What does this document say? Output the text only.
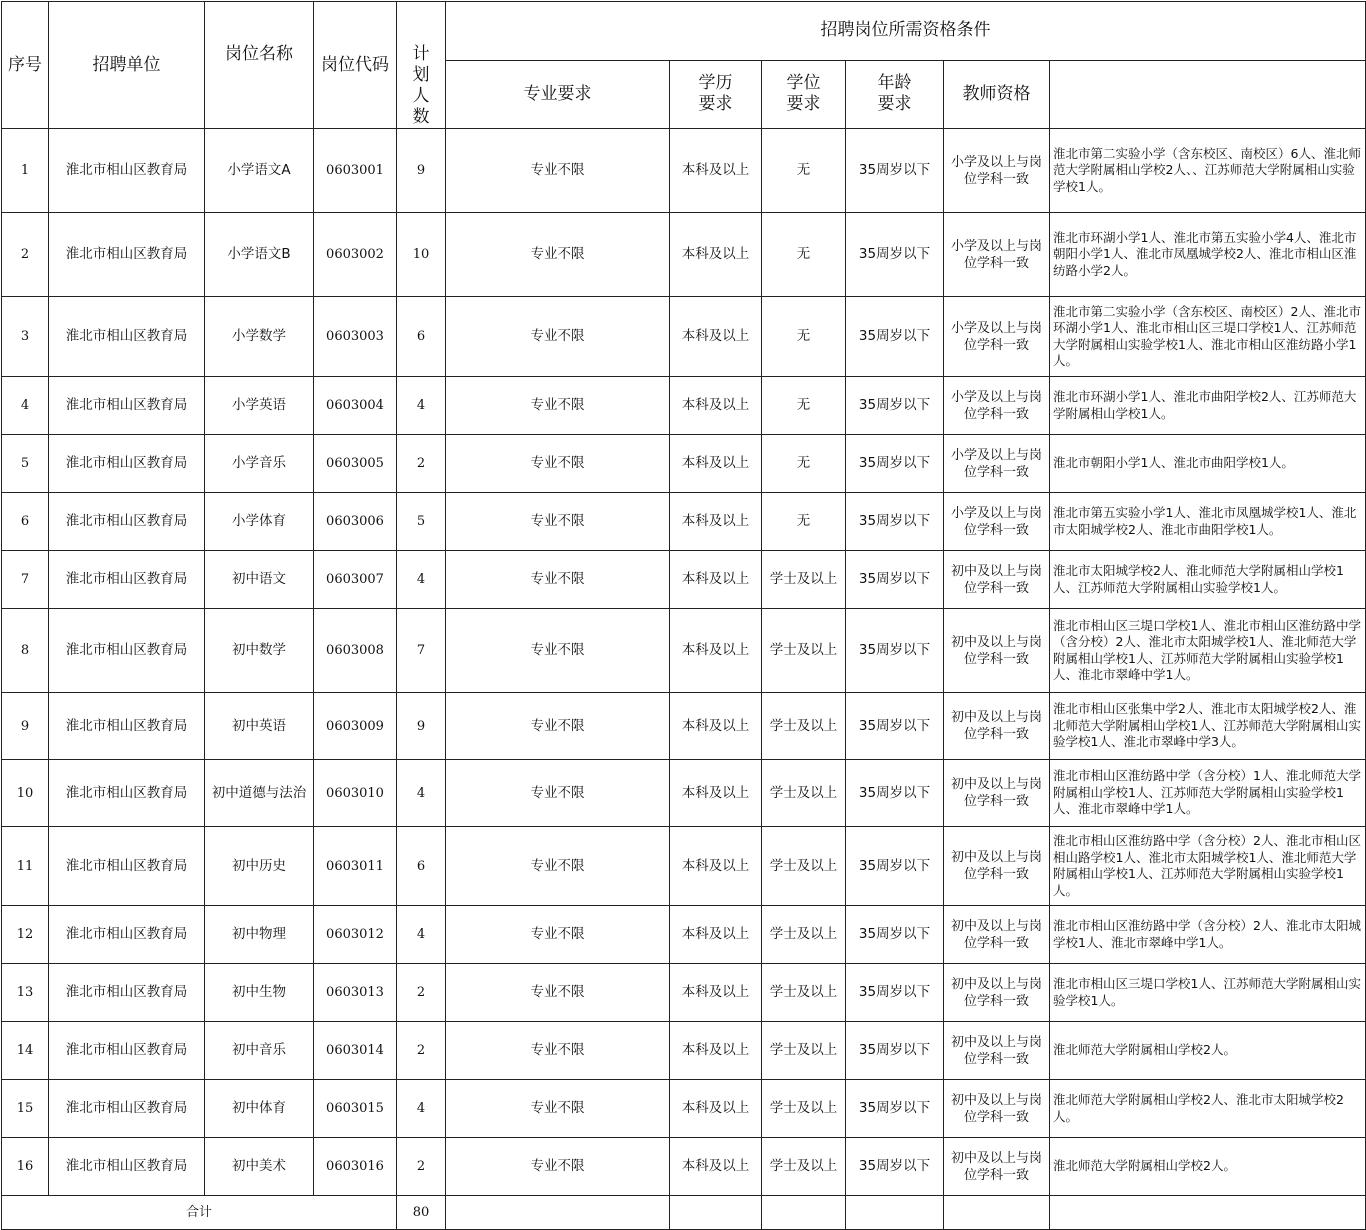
序号	招聘单位	岗位名称	岗位代码	计划人数	招聘岗位所需资格条件	
					专业要求	学历要求	学位要求	年龄要求	教师资格		
1	淮北市相山区教育局	小学语文A	0603001	9	专业不限	本科及以上	无	35周岁以下	小学及以上与岗位学科一致	淮北市第二实验小学（含东校区、南校区）6人、淮北师范大学附属相山学校2人、、江苏师范大学附属相山实验学校1人。	
2	淮北市相山区教育局	小学语文B	0603002	10	专业不限	本科及以上	无	35周岁以下	小学及以上与岗位学科一致	淮北市环湖小学1人、淮北市第五实验小学4人、淮北市朝阳小学1人、淮北市凤凰城学校2人、淮北市相山区淮纺路小学2人。	
3	淮北市相山区教育局	小学数学	0603003	6	专业不限	本科及以上	无	35周岁以下	小学及以上与岗位学科一致	淮北市第二实验小学（含东校区、南校区）2人、淮北市环湖小学1人、淮北市相山区三堤口学校1人、江苏师范大学附属相山实验学校1人、淮北市相山区淮纺路小学1人。	
4	淮北市相山区教育局	小学英语	0603004	4	专业不限	本科及以上	无	35周岁以下	小学及以上与岗位学科一致	淮北市环湖小学1人、淮北市曲阳学校2人、江苏师范大学附属相山学校1人。	
5	淮北市相山区教育局	小学音乐	0603005	2	专业不限	本科及以上	无	35周岁以下	小学及以上与岗位学科一致	淮北市朝阳小学1人、淮北市曲阳学校1人。	
6	淮北市相山区教育局	小学体育	0603006	5	专业不限	本科及以上	无	35周岁以下	小学及以上与岗位学科一致	淮北市第五实验小学1人、淮北市凤凰城学校1人、淮北市太阳城学校2人、淮北市曲阳学校1人。	
7	淮北市相山区教育局	初中语文	0603007	4	专业不限	本科及以上	学士及以上	35周岁以下	初中及以上与岗位学科一致	淮北市太阳城学校2人、淮北师范大学附属相山学校1人、江苏师范大学附属相山实验学校1人。	
8	淮北市相山区教育局	初中数学	0603008	7	专业不限	本科及以上	学士及以上	35周岁以下	初中及以上与岗位学科一致	淮北市相山区三堤口学校1人、淮北市相山区淮纺路中学（含分校）2人、淮北市太阳城学校1人、淮北师范大学附属相山学校1人、江苏师范大学附属相山实验学校1人、淮北市翠峰中学1人。	
9	淮北市相山区教育局	初中英语	0603009	9	专业不限	本科及以上	学士及以上	35周岁以下	初中及以上与岗位学科一致	淮北市相山区张集中学2人、淮北市太阳城学校2人、淮北师范大学附属相山学校1人、江苏师范大学附属相山实验学校1人、淮北市翠峰中学3人。	
10	淮北市相山区教育局	初中道德与法治	0603010	4	专业不限	本科及以上	学士及以上	35周岁以下	初中及以上与岗位学科一致	淮北市相山区淮纺路中学（含分校）1人、淮北师范大学附属相山学校1人、江苏师范大学附属相山实验学校1人、淮北市翠峰中学1人。	
11	淮北市相山区教育局	初中历史	0603011	6	专业不限	本科及以上	学士及以上	35周岁以下	初中及以上与岗位学科一致	淮北市相山区淮纺路中学（含分校）2人、淮北市相山区相山路学校1人、淮北市太阳城学校1人、淮北师范大学附属相山学校1人、江苏师范大学附属相山实验学校1人。	
12	淮北市相山区教育局	初中物理	0603012	4	专业不限	本科及以上	学士及以上	35周岁以下	初中及以上与岗位学科一致	淮北市相山区淮纺路中学（含分校）2人、淮北市太阳城学校1人、淮北市翠峰中学1人。	
13	淮北市相山区教育局	初中生物	0603013	2	专业不限	本科及以上	学士及以上	35周岁以下	初中及以上与岗位学科一致	淮北市相山区三堤口学校1人、江苏师范大学附属相山实验学校1人。	
14	淮北市相山区教育局	初中音乐	0603014	2	专业不限	本科及以上	学士及以上	35周岁以下	初中及以上与岗位学科一致	淮北师范大学附属相山学校2人。	
15	淮北市相山区教育局	初中体育	0603015	4	专业不限	本科及以上	学士及以上	35周岁以下	初中及以上与岗位学科一致	淮北师范大学附属相山学校2人、淮北市太阳城学校2人。	
16	淮北市相山区教育局	初中美术	0603016	2	专业不限	本科及以上	学士及以上	35周岁以下	初中及以上与岗位学科一致	淮北师范大学附属相山学校2人。	
合计				80							
